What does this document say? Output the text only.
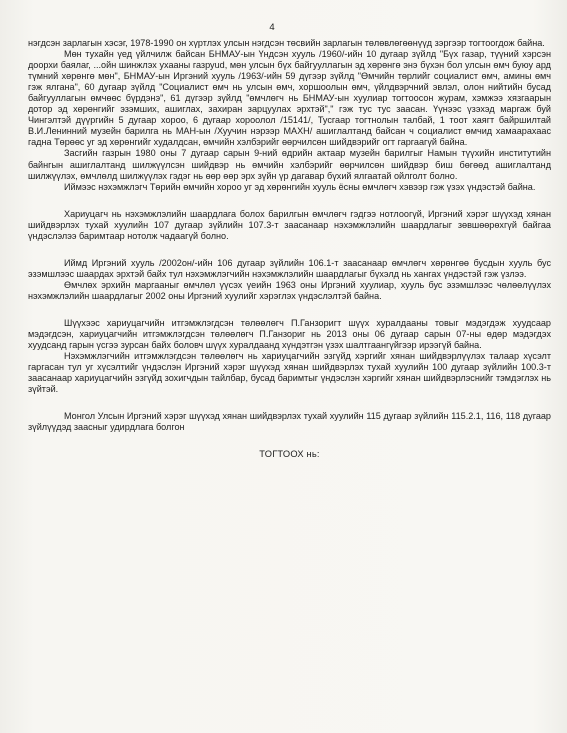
4

нэгдсэн зарлагын хэсэг, 1978-1990 он хүртлэх улсын нэгдсэн төсвийн зарлагын төлөвлөгөөнүүд зэргээр тогтоогдож байна.

Мөн тухайн үед үйлчилж байсан БНМАУ-ын Үндсэн хууль /1960/-ийн 10 дугаар зүйлд "Бүх газар, түүний хэрсэн доорхи баялаг, ...ойн шинжлэх ухааны газруud, мөн улсын бүх байгууллагын эд хөрөнгө энэ бүхэн бол улсын өмч буюу ард түмний хөрөнгө мөн", БНМАУ-ын Иргэний хууль /1963/-ийн 59 дүгээр зүйлд "Өмчийн төрлийг социалист өмч, амины өмч гэж ялгана", 60 дугаар зүйлд "Социалист өмч нь улсын өмч, хоршоолын өмч, үйлдвэрчний эвлэл, олон нийтийн бусад байгууллагын өмчөөс бүрдэнэ", 61 дүгээр зүйлд "өмчлөгч нь БНМАУ-ын хуулиар тогтоосон журам, хэмжээ хязгаарын дотор эд хөрөнгийг эзэмших, ашиглах, захиран зарцуулах эрхтэй"," гэж тус тус заасан. Үүнээс үзэхэд маргаж буй Чингэлтэй дүүргийн 5 дугаар хороо, 6 дугаар хороолол /15141/, Тусгаар тогтнолын талбай, 1 тоот хаягт байршилтай В.И.Ленинний музейн барилга нь МАН-ын /Хуучин нэрээр МАХН/ ашиглалтанд байсан ч социалист өмчид хамаарахаас гадна Төрөөс уг эд хөрөнгийг худалдсан, өмчийн хэлбэрийг өөрчилсөн шийдвэрийг огт гаргаагүй байна.

Засгийн газрын 1980 оны 7 дугаар сарын 9-ний өдрийн актаар музейн барилгыг Намын түүхийн институтийн байнгын ашиглалтанд шилжүүлсэн шийдвэр нь өмчийн хэлбэрийг өөрчилсөн шийдвэр биш бөгөөд ашиглалтанд шилжүүлэх, өмчлөлд шилжүүлэх гэдэг нь өөр өөр эрх зүйн үр дагавар бүхий ялгаатай ойлголт болно.

Иймээс нэхэмжлэгч Төрийн өмчийн хороо уг эд хөрөнгийн хууль ёсны өмчлөгч хэвээр гэж үзэх үндэстэй байна.

Хариуцагч нь нэхэмжлэлийн шаардлага болох барилгын өмчлөгч гэдгээ нотлоогүй, Иргэний хэрэг шүүхэд хянан шийдвэрлэх тухай хуулийн 107 дугаар зүйлийн 107.3-т заасанаар нэхэмжлэлийн шаардлагыг зөвшөөрөхгүй байгаа үндэслэлээ баримтаар нотолж чадаагүй болно.

Иймд Иргэний хууль /2002он/-ийн 106 дугаар зүйлийн 106.1-т заасанаар өмчлөгч хөрөнгөө бусдын хууль бус эзэмшлээс шаардах эрхтэй байх тул нэхэмжлэгчийн нэхэмжлэлийн шаардлагыг бүхэлд нь хангах үндэстэй гэж үзлээ.

Өмчлөх эрхийн маргааныг өмчлөл үүсэх үеийн 1963 оны Иргэний хуулиар, хууль бус эзэмшлээс чөлөөлүүлэх нэхэмжлэлийн шаардлагыг 2002 оны Иргэний хуулийг хэрэглэх үндэслэлтэй байна.

Шүүхээс хариуцагчийн итгэмжлэгдсэн төлөөлөгч П.Ганзоригт шүүх хуралдааны товыг мэдэгдэж хуудсаар мэдэгдсэн, хариуцагчийн итгэмжлэгдсэн төлөөлөгч П.Ганзориг нь 2013 оны 06 дугаар сарын 07-ны өдөр мэдэгдэх хуудсанд гарын үсгээ зурсан байх боловч шүүх хуралдаанд хүндэтгэн үзэх шалтгаангүйгээр ирээгүй байна.

Нэхэмжлэгчийн итгэмжлэгдсэн төлөөлөгч нь хариуцагчийн эзгүйд хэргийг хянан шийдвэрлүүлэх талаар хүсэлт гаргасан тул уг хүсэлтийг үндэслэн Иргэний хэрэг шүүхэд хянан шийдвэрлэх тухай хуулийн 100 дугаар зүйлийн 100.3-т заасанаар хариуцагчийн эзгүйд зохигчдын тайлбар, бусад баримтыг үндэслэн хэргийг хянан шийдвэрлэснийг тэмдэглэх нь зүйтэй.

Монгол Улсын Иргэний хэрэг шүүхэд хянан шийдвэрлэх тухай хуулийн 115 дугаар зүйлийн 115.2.1, 116, 118 дугаар зүйлүүдэд заасныг удирдлага болгон

ТОГТООХ нь:
